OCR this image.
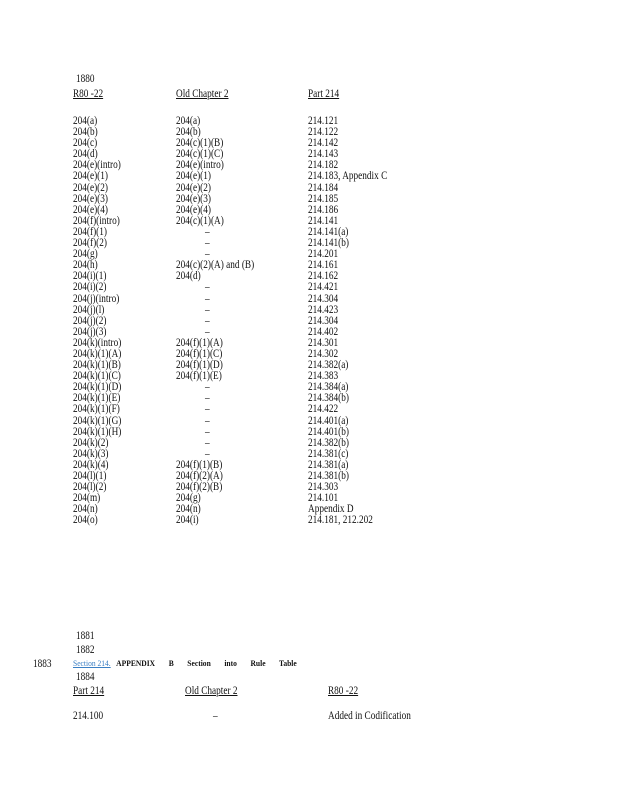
1880
R80 -22	Old Chapter 2	Part 214
204(a)	204(a)	214.121
204(b)	204(b)	214.122
204(c)	204(c)(1)(B)	214.142
204(d)	204(c)(1)(C)	214.143
204(e)(intro)	204(e)(intro)	214.182
204(e)(1)	204(e)(1)	214.183, Appendix C
204(e)(2)	204(e)(2)	214.184
204(e)(3)	204(e)(3)	214.185
204(e)(4)	204(e)(4)	214.186
204(f)(intro)	204(c)(1)(A)	214.141
204(f)(1)	–	214.141(a)
204(f)(2)	–	214.141(b)
204(g)	–	214.201
204(h)	204(c)(2)(A) and (B)	214.161
204(i)(1)	204(d)	214.162
204(i)(2)	–	214.421
204(j)(intro)	–	214.304
204(j)(l)	–	214.423
204(j)(2)	–	214.304
204(j)(3)	–	214.402
204(k)(intro)	204(f)(1)(A)	214.301
204(k)(1)(A)	204(f)(1)(C)	214.302
204(k)(1)(B)	204(f)(1)(D)	214.382(a)
204(k)(1)(C)	204(f)(1)(E)	214.383
204(k)(1)(D)	–	214.384(a)
204(k)(1)(E)	–	214.384(b)
204(k)(1)(F)	–	214.422
204(k)(1)(G)	–	214.401(a)
204(k)(1)(H)	–	214.401(b)
204(k)(2)	–	214.382(b)
204(k)(3)	–	214.381(c)
204(k)(4)	204(f)(1)(B)	214.381(a)
204(l)(1)	204(f)(2)(A)	214.381(b)
204(l)(2)	204(f)(2)(B)	214.303
204(m)	204(g)	214.101
204(n)	204(n)	Appendix D
204(o)	204(i)	214.181, 212.202
1881
1882
1883	Section 214. APPENDIX B Section into Rule Table
1884
Part 214	Old Chapter 2	R80 -22
214.100	–	Added in Codification
